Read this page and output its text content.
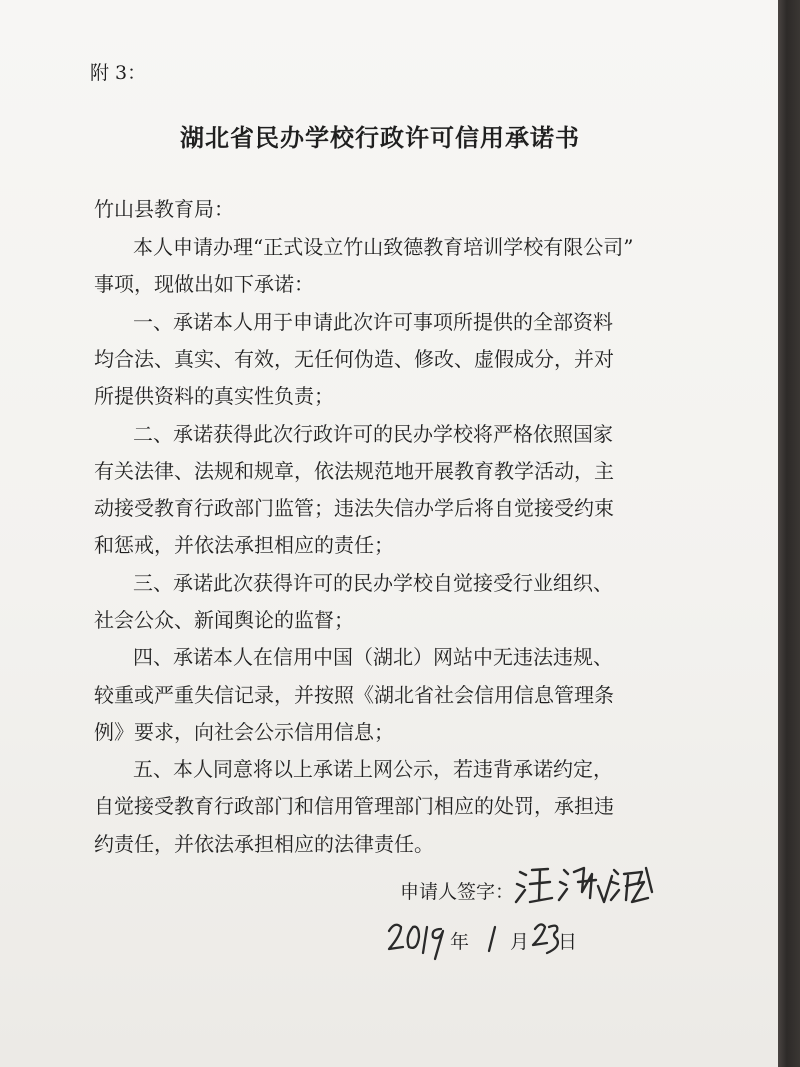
附 3：
湖北省民办学校行政许可信用承诺书
竹山县教育局：
本人申请办理“正式设立竹山致德教育培训学校有限公司”
事项，现做出如下承诺：
一、承诺本人用于申请此次许可事项所提供的全部资料
均合法、真实、有效，无任何伪造、修改、虚假成分，并对
所提供资料的真实性负责；
二、承诺获得此次行政许可的民办学校将严格依照国家
有关法律、法规和规章，依法规范地开展教育教学活动，主
动接受教育行政部门监管；违法失信办学后将自觉接受约束
和惩戒，并依法承担相应的责任；
三、承诺此次获得许可的民办学校自觉接受行业组织、
社会公众、新闻舆论的监督；
四、承诺本人在信用中国（湖北）网站中无违法违规、
较重或严重失信记录，并按照《湖北省社会信用信息管理条
例》要求，向社会公示信用信息；
五、本人同意将以上承诺上网公示，若违背承诺约定，
自觉接受教育行政部门和信用管理部门相应的处罚，承担违
约责任，并依法承担相应的法律责任。
申请人签字：
年 月 日
